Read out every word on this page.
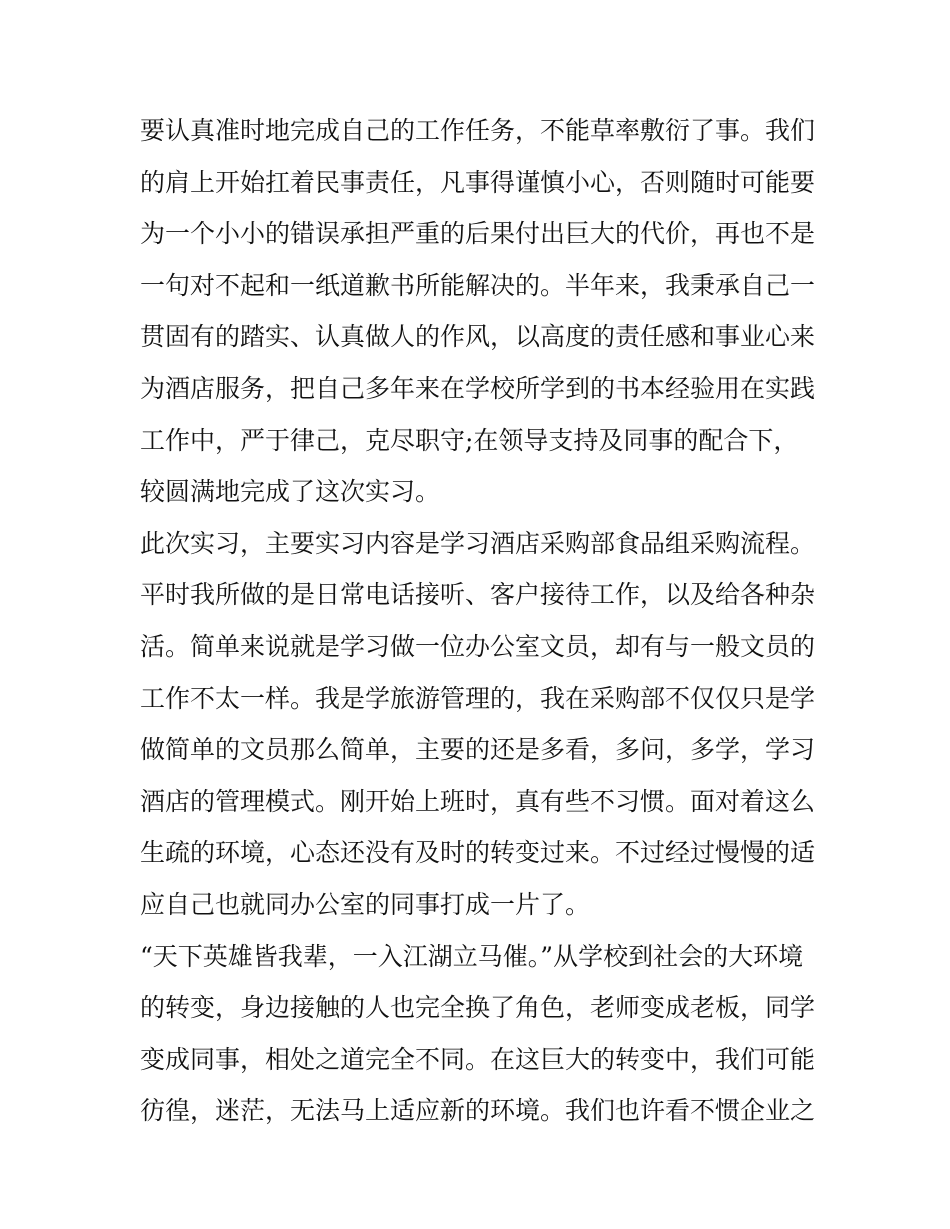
要认真准时地完成自己的工作任务，不能草率敷衍了事。我们
的肩上开始扛着民事责任，凡事得谨慎小心，否则随时可能要
为一个小小的错误承担严重的后果付出巨大的代价，再也不是
一句对不起和一纸道歉书所能解决的。半年来，我秉承自己一
贯固有的踏实、认真做人的作风，以高度的责任感和事业心来
为酒店服务，把自己多年来在学校所学到的书本经验用在实践
工作中，严于律己，克尽职守;在领导支持及同事的配合下，
较圆满地完成了这次实习。
此次实习，主要实习内容是学习酒店采购部食品组采购流程。
平时我所做的是日常电话接听、客户接待工作，以及给各种杂
活。简单来说就是学习做一位办公室文员，却有与一般文员的
工作不太一样。我是学旅游管理的，我在采购部不仅仅只是学
做简单的文员那么简单，主要的还是多看，多问，多学，学习
酒店的管理模式。刚开始上班时，真有些不习惯。面对着这么
生疏的环境，心态还没有及时的转变过来。不过经过慢慢的适
应自己也就同办公室的同事打成一片了。
“天下英雄皆我辈，一入江湖立马催。”从学校到社会的大环境
的转变，身边接触的人也完全换了角色，老师变成老板，同学
变成同事，相处之道完全不同。在这巨大的转变中，我们可能
彷徨，迷茫，无法马上适应新的环境。我们也许看不惯企业之
